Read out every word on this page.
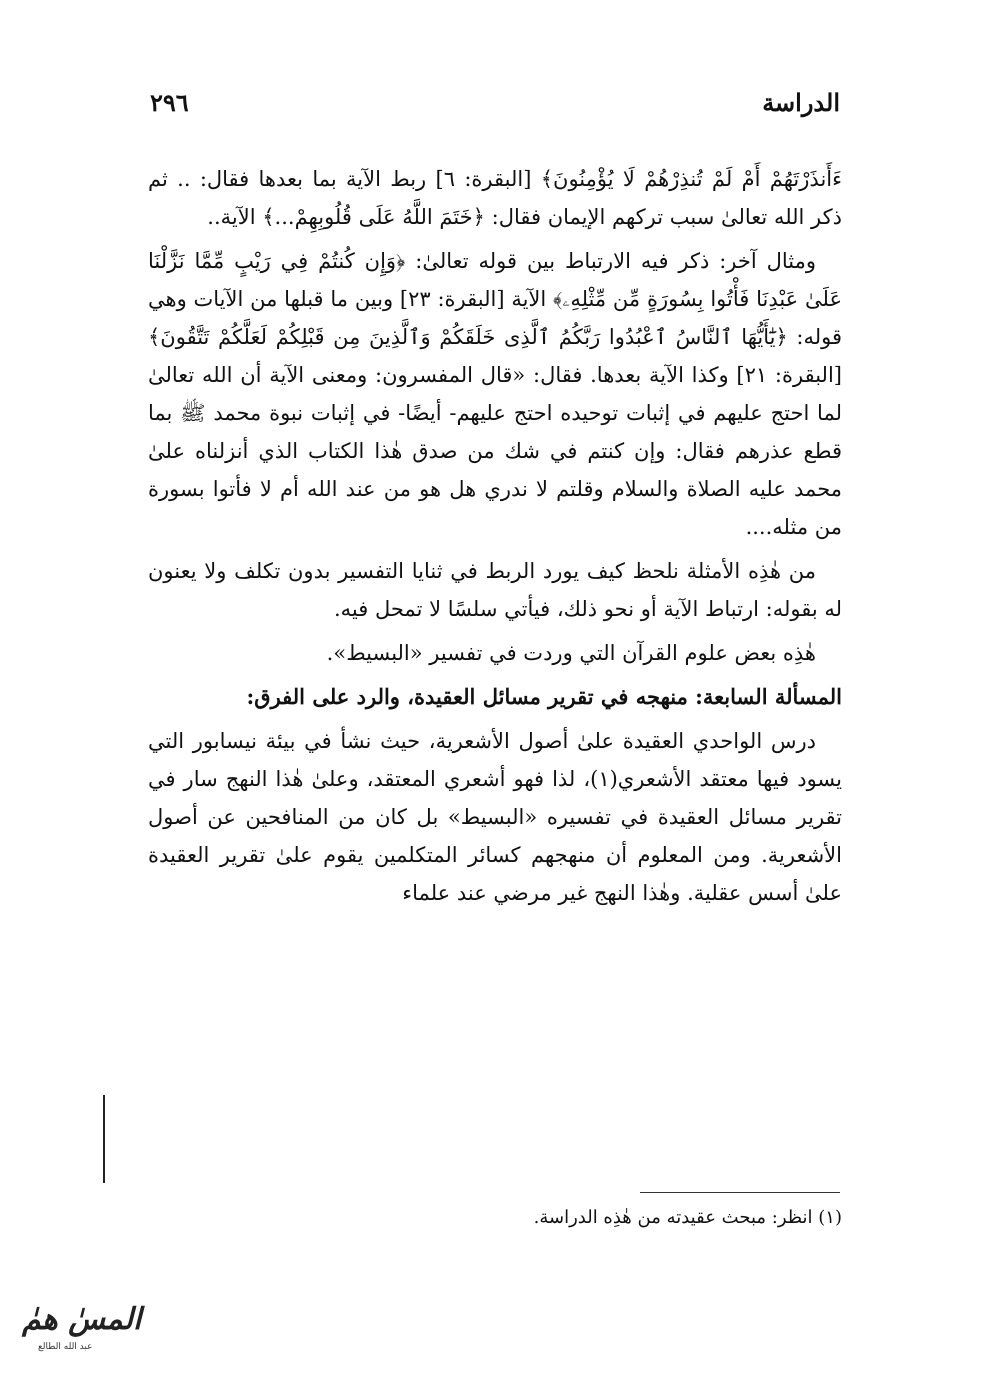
الدراسة
٢٩٦

ءَأَنذَرْتَهُمْ أَمْ لَمْ تُنذِرْهُمْ لَا يُؤْمِنُونَ﴾ [البقرة: ٦] ربط الآية بما بعدها فقال: .. ثم ذكر الله تعالىٰ سبب تركهم الإيمان فقال: ﴿خَتَمَ اللَّهُ عَلَى قُلُوبِهِمْ...﴾ الآية..

ومثال آخر: ذكر فيه الارتباط بين قوله تعالىٰ: ﴿وَإِن كُنتُمْ فِي رَيْبٍ مِّمَّا نَزَّلْنَا عَلَىٰ عَبْدِنَا فَأْتُوا بِسُورَةٍ مِّن مِّثْلِهِۦ﴾ الآية [البقرة: ٢٣] وبين ما قبلها من الآيات وهي قوله: ﴿يَٰٓأَيُّهَا ٱلنَّاسُ ٱعْبُدُوا رَبَّكُمُ ٱلَّذِى خَلَقَكُمْ وَٱلَّذِينَ مِن قَبْلِكُمْ لَعَلَّكُمْ تَتَّقُونَ﴾ [البقرة: ٢١] وكذا الآية بعدها. فقال: «قال المفسرون: ومعنى الآية أن الله تعالىٰ لما احتج عليهم في إثبات توحيده احتج عليهم- أيضًا- في إثبات نبوة محمد ﷺ بما قطع عذرهم فقال: وإن كنتم في شك من صدق هٰذا الكتاب الذي أنزلناه علىٰ محمد عليه الصلاة والسلام وقلتم لا ندري هل هو من عند الله أم لا فأتوا بسورة من مثله....

من هٰذِه الأمثلة نلحظ كيف يورد الربط في ثنايا التفسير بدون تكلف ولا يعنون له بقوله: ارتباط الآية أو نحو ذلك، فيأتي سلسًا لا تمحل فيه.

هٰذِه بعض علوم القرآن التي وردت في تفسير «البسيط».

المسألة السابعة: منهجه في تقرير مسائل العقيدة، والرد على الفرق:

درس الواحدي العقيدة علىٰ أصول الأشعرية، حيث نشأ في بيئة نيسابور التي يسود فيها معتقد الأشعري(١)، لذا فهو أشعري المعتقد، وعلىٰ هٰذا النهج سار في تقرير مسائل العقيدة في تفسيره «البسيط» بل كان من المنافحين عن أصول الأشعرية. ومن المعلوم أن منهجهم كسائر المتكلمين يقوم علىٰ تقرير العقيدة علىٰ أسس عقلية. وهٰذا النهج غير مرضي عند علماء

(١) انظر: مبحث عقيدته من هٰذِه الدراسة.
المسٰ همٰ
عبد الله الطالع
